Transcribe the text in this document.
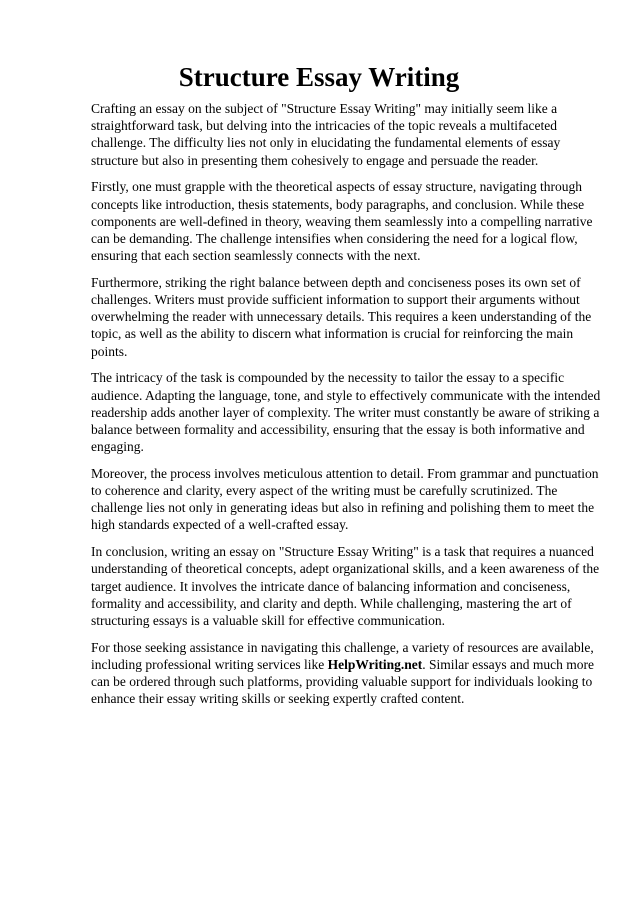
Structure Essay Writing

Crafting an essay on the subject of "Structure Essay Writing" may initially seem like a straightforward task, but delving into the intricacies of the topic reveals a multifaceted challenge. The difficulty lies not only in elucidating the fundamental elements of essay structure but also in presenting them cohesively to engage and persuade the reader.

Firstly, one must grapple with the theoretical aspects of essay structure, navigating through concepts like introduction, thesis statements, body paragraphs, and conclusion. While these components are well-defined in theory, weaving them seamlessly into a compelling narrative can be demanding. The challenge intensifies when considering the need for a logical flow, ensuring that each section seamlessly connects with the next.

Furthermore, striking the right balance between depth and conciseness poses its own set of challenges. Writers must provide sufficient information to support their arguments without overwhelming the reader with unnecessary details. This requires a keen understanding of the topic, as well as the ability to discern what information is crucial for reinforcing the main points.

The intricacy of the task is compounded by the necessity to tailor the essay to a specific audience. Adapting the language, tone, and style to effectively communicate with the intended readership adds another layer of complexity. The writer must constantly be aware of striking a balance between formality and accessibility, ensuring that the essay is both informative and engaging.

Moreover, the process involves meticulous attention to detail. From grammar and punctuation to coherence and clarity, every aspect of the writing must be carefully scrutinized. The challenge lies not only in generating ideas but also in refining and polishing them to meet the high standards expected of a well-crafted essay.

In conclusion, writing an essay on "Structure Essay Writing" is a task that requires a nuanced understanding of theoretical concepts, adept organizational skills, and a keen awareness of the target audience. It involves the intricate dance of balancing information and conciseness, formality and accessibility, and clarity and depth. While challenging, mastering the art of structuring essays is a valuable skill for effective communication.

For those seeking assistance in navigating this challenge, a variety of resources are available, including professional writing services like HelpWriting.net. Similar essays and much more can be ordered through such platforms, providing valuable support for individuals looking to enhance their essay writing skills or seeking expertly crafted content.
